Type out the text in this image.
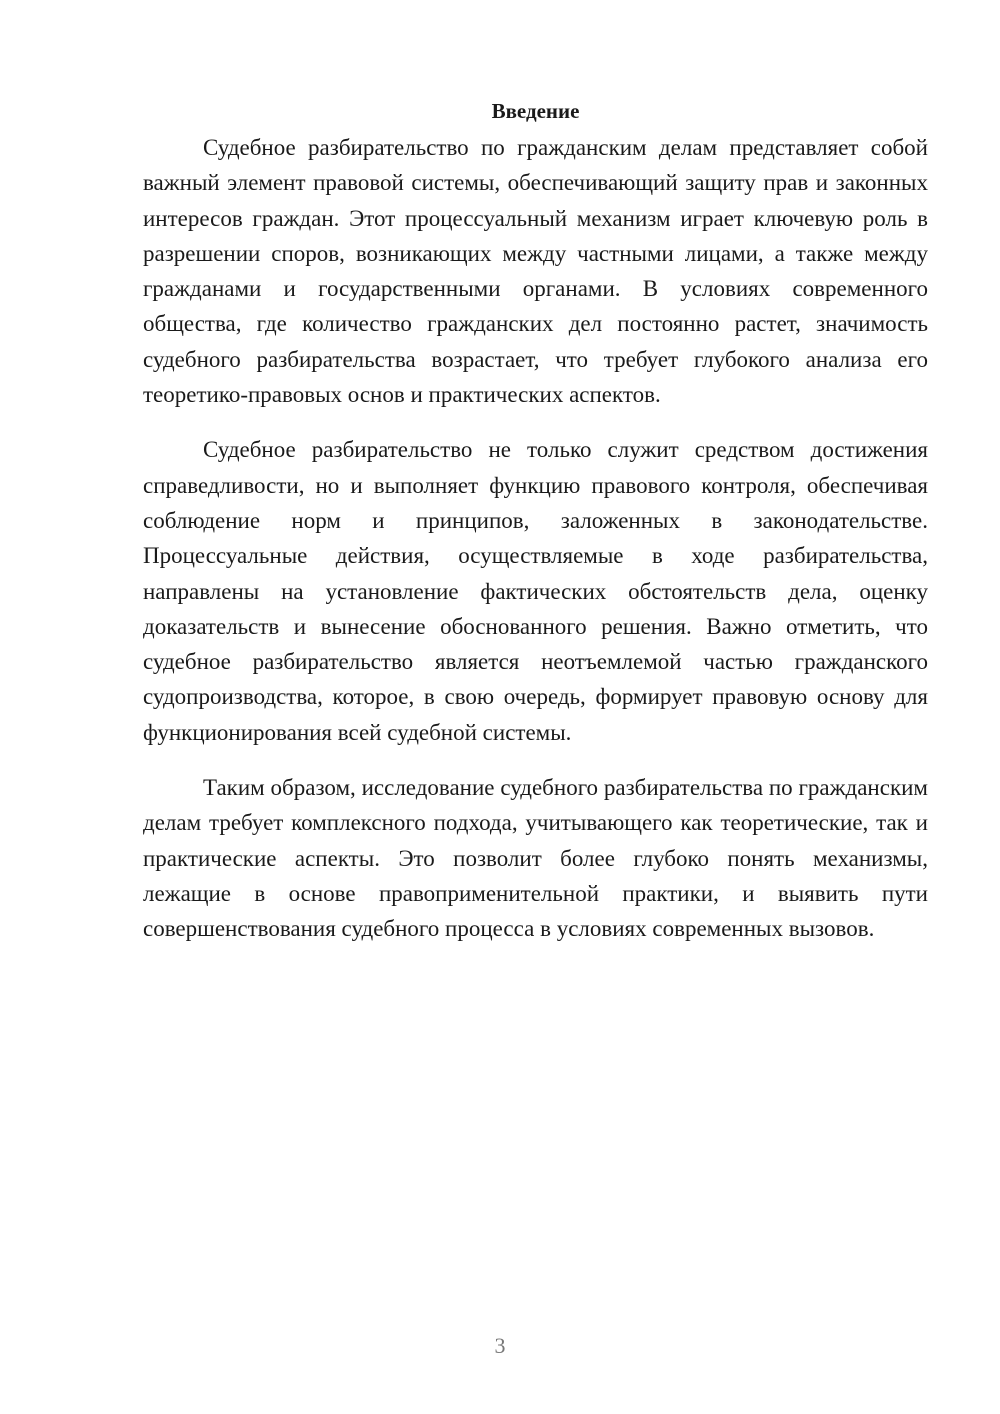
Введение

Судебное разбирательство по гражданским делам представляет собой важный элемент правовой системы, обеспечивающий защиту прав и законных интересов граждан. Этот процессуальный механизм играет ключевую роль в разрешении споров, возникающих между частными лицами, а также между гражданами и государственными органами. В условиях современного общества, где количество гражданских дел постоянно растет, значимость судебного разбирательства возрастает, что требует глубокого анализа его теоретико-правовых основ и практических аспектов.

Судебное разбирательство не только служит средством достижения справедливости, но и выполняет функцию правового контроля, обеспечивая соблюдение норм и принципов, заложенных в законодательстве. Процессуальные действия, осуществляемые в ходе разбирательства, направлены на установление фактических обстоятельств дела, оценку доказательств и вынесение обоснованного решения. Важно отметить, что судебное разбирательство является неотъемлемой частью гражданского судопроизводства, которое, в свою очередь, формирует правовую основу для функционирования всей судебной системы.

Таким образом, исследование судебного разбирательства по гражданским делам требует комплексного подхода, учитывающего как теоретические, так и практические аспекты. Это позволит более глубоко понять механизмы, лежащие в основе правоприменительной практики, и выявить пути совершенствования судебного процесса в условиях современных вызовов.

3
